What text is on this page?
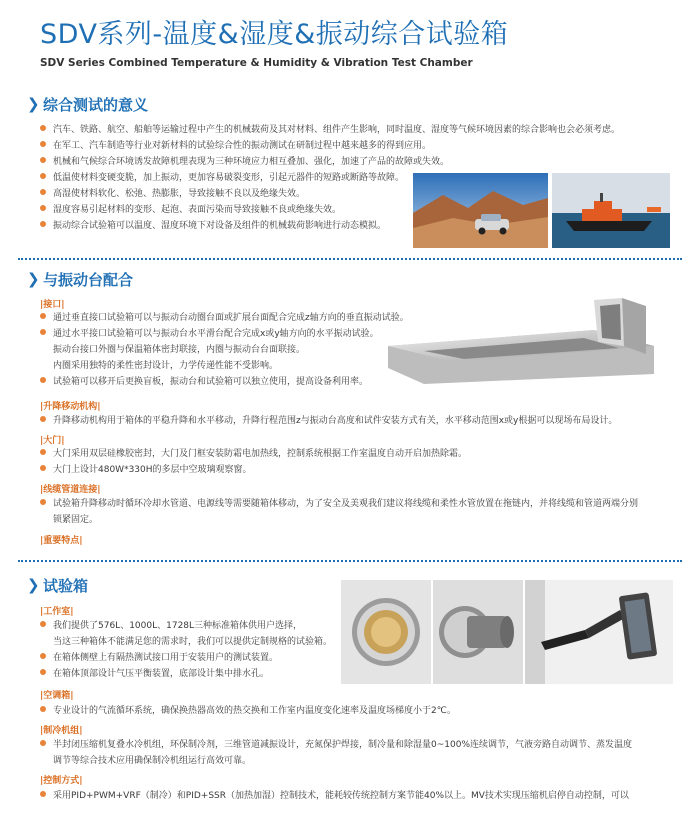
SDV系列-温度&湿度&振动综合试验箱
SDV Series Combined Temperature & Humidity & Vibration Test Chamber
❯ 综合测试的意义
汽车、铁路、航空、船舶等运输过程中产生的机械载荷及其对材料、组件产生影响，同时温度、湿度等气候环境因素的综合影响也会必须考虑。
在军工、汽车制造等行业对新材料的试验综合性的振动测试在研制过程中越来越多的得到应用。
机械和气候综合环境诱发故障机理表现为三种环境应力相互叠加、强化，加速了产品的故障或失效。
低温使材料变硬变脆，加上振动，更加容易破裂变形，引起元器件的短路或断路等故障。
高湿使材料软化、松弛、热膨胀，导致接触不良以及绝缘失效。
湿度容易引起材料的变形、起泡、表面污染而导致接触不良或绝缘失效。
振动综合试验箱可以温度、湿度环境下对设备及组件的机械载荷影响进行动态模拟。
❯ 与振动台配合
|接口|
通过垂直接口试验箱可以与振动台动圈台面或扩展台面配合完成z轴方向的垂直振动试验。
通过水平接口试验箱可以与振动台水平滑台配合完成x或y轴方向的水平振动试验。
振动台接口外圈与保温箱体密封联接，内圈与振动台台面联接。
内圈采用独特的柔性密封设计，力学传递性能不受影响。
试验箱可以移开后更换盲板，振动台和试验箱可以独立使用，提高设备利用率。
|升降移动机构|
升降移动机构用于箱体的平稳升降和水平移动，升降行程范围z与振动台高度和试件安装方式有关，水平移动范围x或y根据可以现场布局设计。
|大门|
大门采用双层硅橡胶密封，大门及门框安装防霜电加热线，控制系统根据工作室温度自动开启加热除霜。
大门上设计480W*330H的多层中空玻璃观察窗。
|线缆管道连接|
试验箱升降移动时循环冷却水管道、电源线等需要随箱体移动，为了安全及美观我们建议将线缆和柔性水管放置在拖链内，并将线缆和管道两端分别
锁紧固定。
|重要特点|
❯ 试验箱
|工作室|
我们提供了576L、1000L、1728L三种标准箱体供用户选择，
当这三种箱体不能满足您的需求时，我们可以提供定制规格的试验箱。
在箱体侧壁上有隔热测试接口用于安装用户的测试装置。
在箱体顶部设计气压平衡装置，底部设计集中排水孔。
|空调箱|
专业设计的气流循环系统，确保换热器高效的热交换和工作室内温度变化速率及温度场梯度小于2℃。
|制冷机组|
半封闭压缩机复叠水冷机组，环保制冷剂，三维管道减振设计，充氮保护焊接，制冷量和除湿量0~100%连续调节，气液旁路自动调节、蒸发温度
调节等综合技术应用确保制冷机组运行高效可靠。
|控制方式|
采用PID+PWM+VRF（制冷）和PID+SSR（加热加湿）控制技术，能耗较传统控制方案节能40%以上。MV技术实现压缩机启停自动控制，可以
